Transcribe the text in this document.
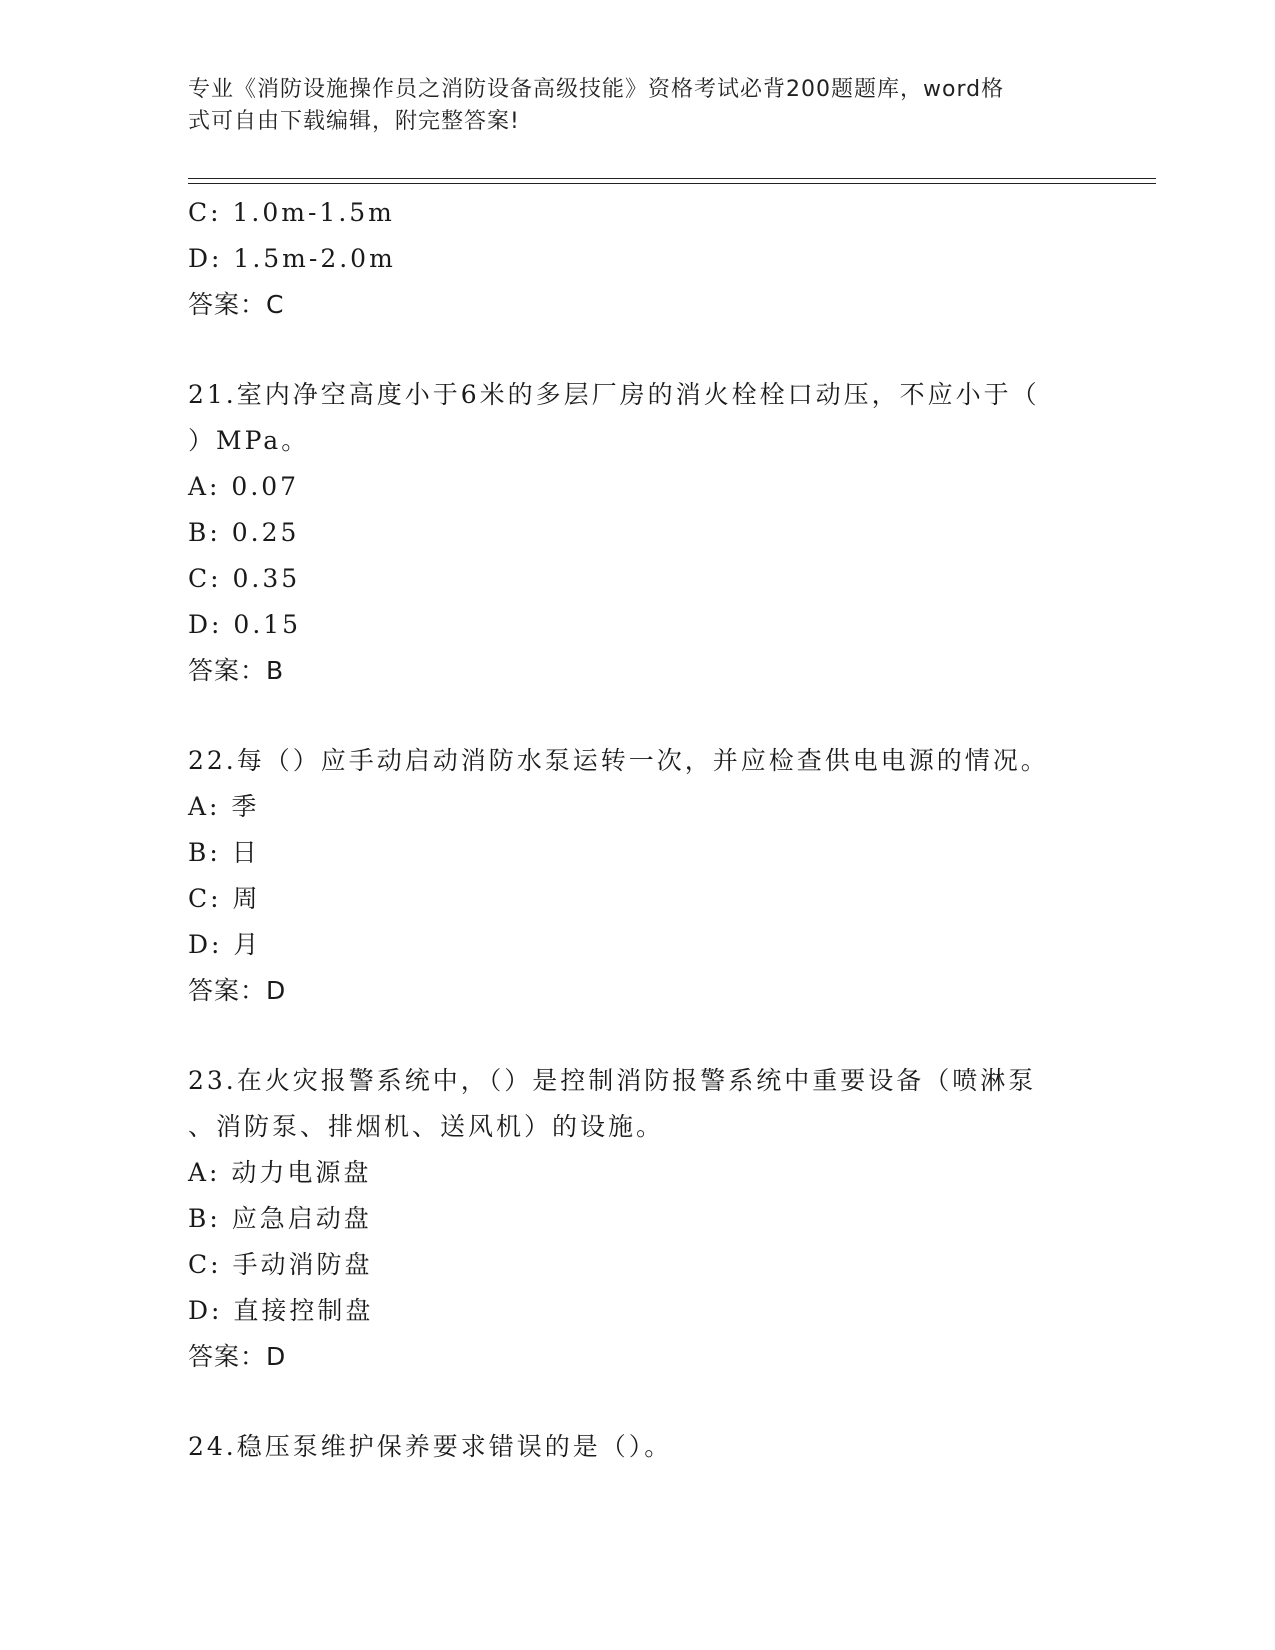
专业《消防设施操作员之消防设备高级技能》资格考试必背200题题库，word格
式可自由下载编辑，附完整答案!
C: 1.0m-1.5m
D: 1.5m-2.0m
答案：C
21.室内净空高度小于6米的多层厂房的消火栓栓口动压，不应小于（
）MPa。
A: 0.07
B: 0.25
C: 0.35
D: 0.15
答案：B
22.每（）应手动启动消防水泵运转一次，并应检查供电电源的情况。
A: 季
B: 日
C: 周
D: 月
答案：D
23.在火灾报警系统中，（）是控制消防报警系统中重要设备（喷淋泵
、消防泵、排烟机、送风机）的设施。
A: 动力电源盘
B: 应急启动盘
C: 手动消防盘
D: 直接控制盘
答案：D
24.稳压泵维护保养要求错误的是（）。
